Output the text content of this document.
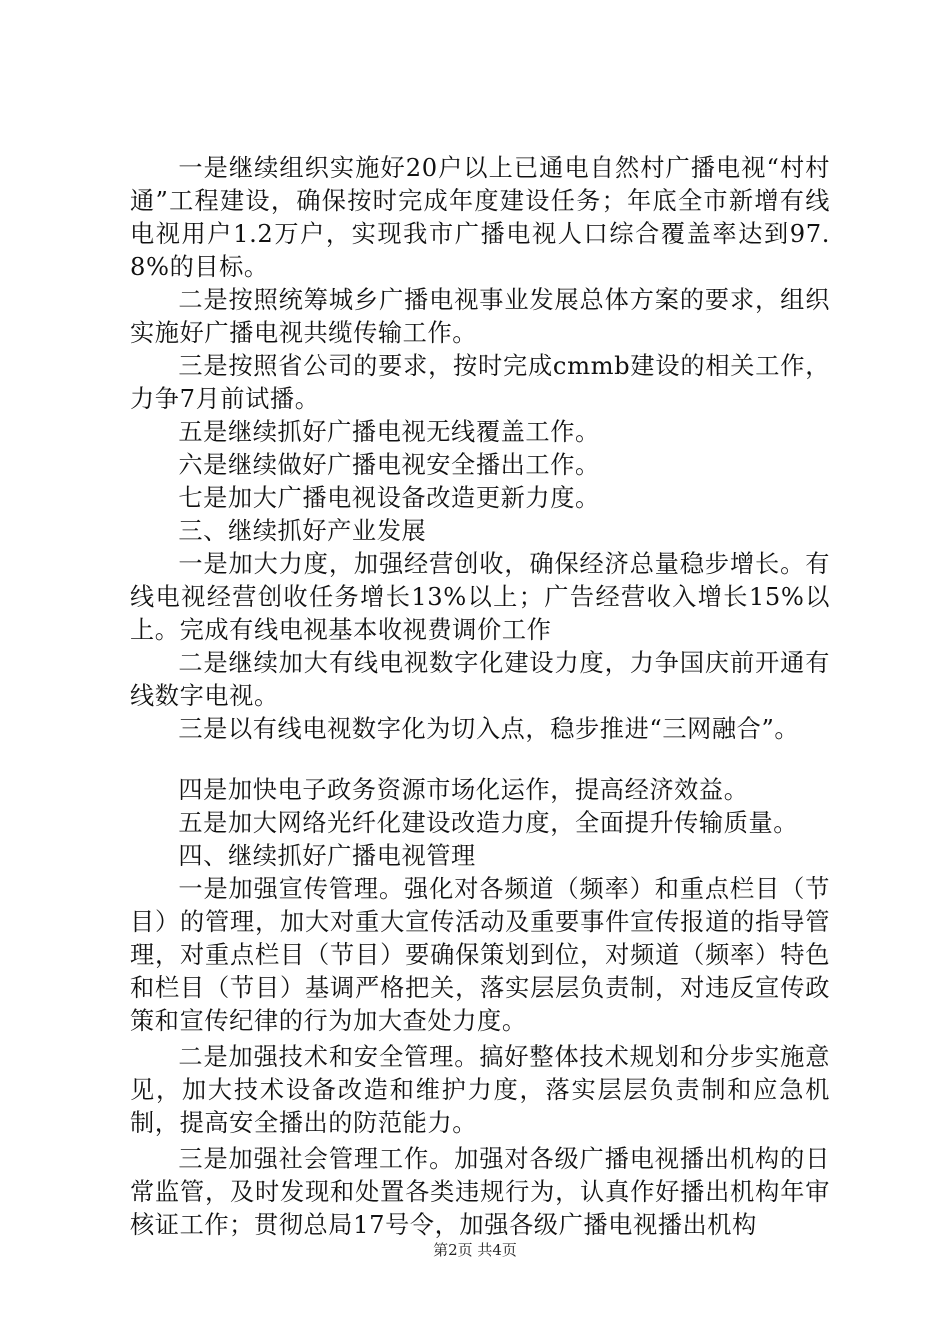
一是继续组织实施好20户以上已通电自然村广播电视“村村通”工程建设，确保按时完成年度建设任务；年底全市新增有线电视用户1.2万户，实现我市广播电视人口综合覆盖率达到97.8%的目标。

二是按照统筹城乡广播电视事业发展总体方案的要求，组织实施好广播电视共缆传输工作。

三是按照省公司的要求，按时完成cmmb建设的相关工作，力争7月前试播。

五是继续抓好广播电视无线覆盖工作。

六是继续做好广播电视安全播出工作。

七是加大广播电视设备改造更新力度。

三、继续抓好产业发展

一是加大力度，加强经营创收，确保经济总量稳步增长。有线电视经营创收任务增长13%以上；广告经营收入增长15%以上。完成有线电视基本收视费调价工作

二是继续加大有线电视数字化建设力度，力争国庆前开通有线数字电视。

三是以有线电视数字化为切入点，稳步推进“三网融合”。

四是加快电子政务资源市场化运作，提高经济效益。

五是加大网络光纤化建设改造力度，全面提升传输质量。

四、继续抓好广播电视管理

一是加强宣传管理。强化对各频道（频率）和重点栏目（节目）的管理，加大对重大宣传活动及重要事件宣传报道的指导管理，对重点栏目（节目）要确保策划到位，对频道（频率）特色和栏目（节目）基调严格把关，落实层层负责制，对违反宣传政策和宣传纪律的行为加大查处力度。

二是加强技术和安全管理。搞好整体技术规划和分步实施意见，加大技术设备改造和维护力度，落实层层负责制和应急机制，提高安全播出的防范能力。

三是加强社会管理工作。加强对各级广播电视播出机构的日常监管，及时发现和处置各类违规行为，认真作好播出机构年审核证工作；贯彻总局17号令，加强各级广播电视播出机构

第2页 共4页
